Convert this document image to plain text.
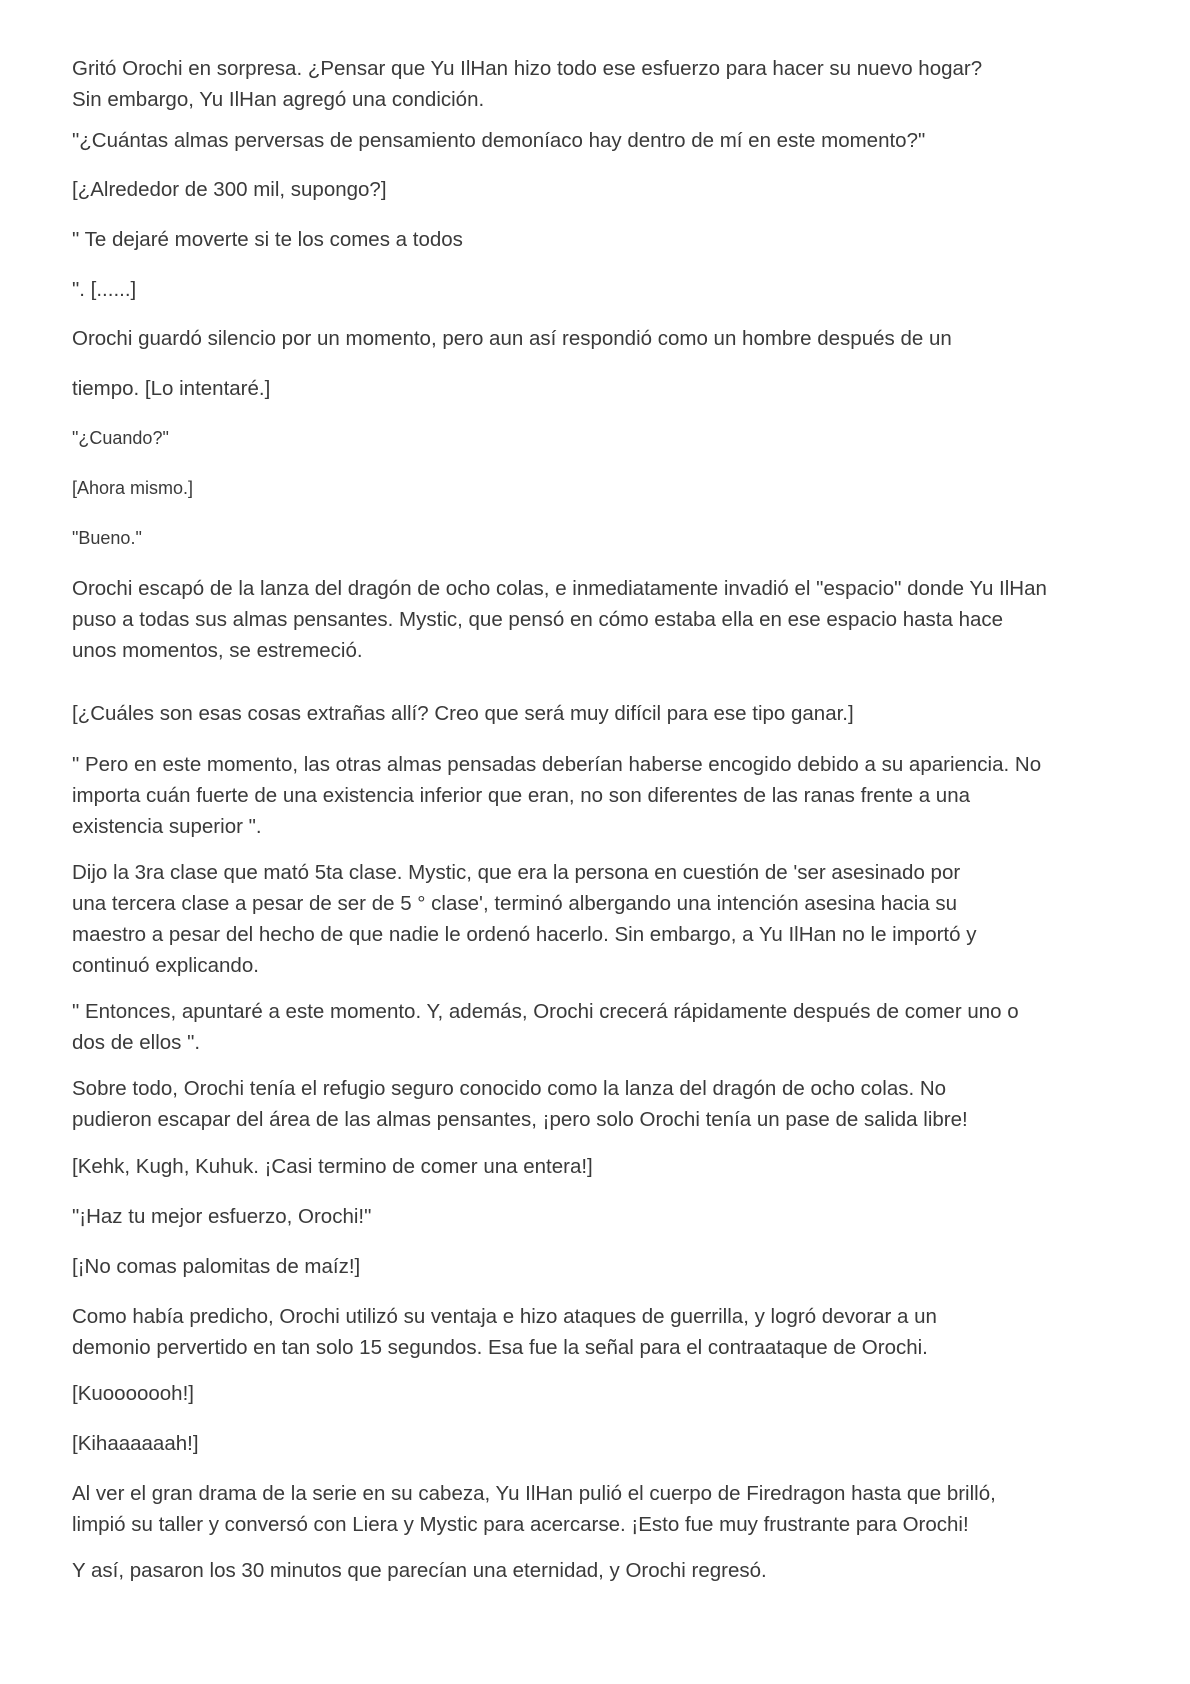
Gritó Orochi en sorpresa. ¿Pensar que Yu IlHan hizo todo ese esfuerzo para hacer su nuevo hogar?
Sin embargo, Yu IlHan agregó una condición.

"¿Cuántas almas perversas de pensamiento demoníaco hay dentro de mí en este momento?"

[¿Alrededor de 300 mil, supongo?]

" Te dejaré moverte si te los comes a todos

". [......]

Orochi guardó silencio por un momento, pero aun así respondió como un hombre después de un

tiempo. [Lo intentaré.]

"¿Cuando?"

[Ahora mismo.]

"Bueno."

Orochi escapó de la lanza del dragón de ocho colas, e inmediatamente invadió el "espacio" donde Yu IlHan
puso a todas sus almas pensantes. Mystic, que pensó en cómo estaba ella en ese espacio hasta hace
unos momentos, se estremeció.

[¿Cuáles son esas cosas extrañas allí? Creo que será muy difícil para ese tipo ganar.]

" Pero en este momento, las otras almas pensadas deberían haberse encogido debido a su apariencia. No
importa cuán fuerte de una existencia inferior que eran, no son diferentes de las ranas frente a una
existencia superior ".

Dijo la 3ra clase que mató 5ta clase. Mystic, que era la persona en cuestión de 'ser asesinado por
una tercera clase a pesar de ser de 5 ° clase', terminó albergando una intención asesina hacia su
maestro a pesar del hecho de que nadie le ordenó hacerlo. Sin embargo, a Yu IlHan no le importó y
continuó explicando.

" Entonces, apuntaré a este momento. Y, además, Orochi crecerá rápidamente después de comer uno o
dos de ellos ".

Sobre todo, Orochi tenía el refugio seguro conocido como la lanza del dragón de ocho colas. No
pudieron escapar del área de las almas pensantes, ¡pero solo Orochi tenía un pase de salida libre!

[Kehk, Kugh, Kuhuk. ¡Casi termino de comer una entera!]

"¡Haz tu mejor esfuerzo, Orochi!"

[¡No comas palomitas de maíz!]

Como había predicho, Orochi utilizó su ventaja e hizo ataques de guerrilla, y logró devorar a un
demonio pervertido en tan solo 15 segundos. Esa fue la señal para el contraataque de Orochi.

[Kuooooooh!]

[Kihaaaaaah!]

Al ver el gran drama de la serie en su cabeza, Yu IlHan pulió el cuerpo de Firedragon hasta que brilló,
limpió su taller y conversó con Liera y Mystic para acercarse. ¡Esto fue muy frustrante para Orochi!

Y así, pasaron los 30 minutos que parecían una eternidad, y Orochi regresó.
